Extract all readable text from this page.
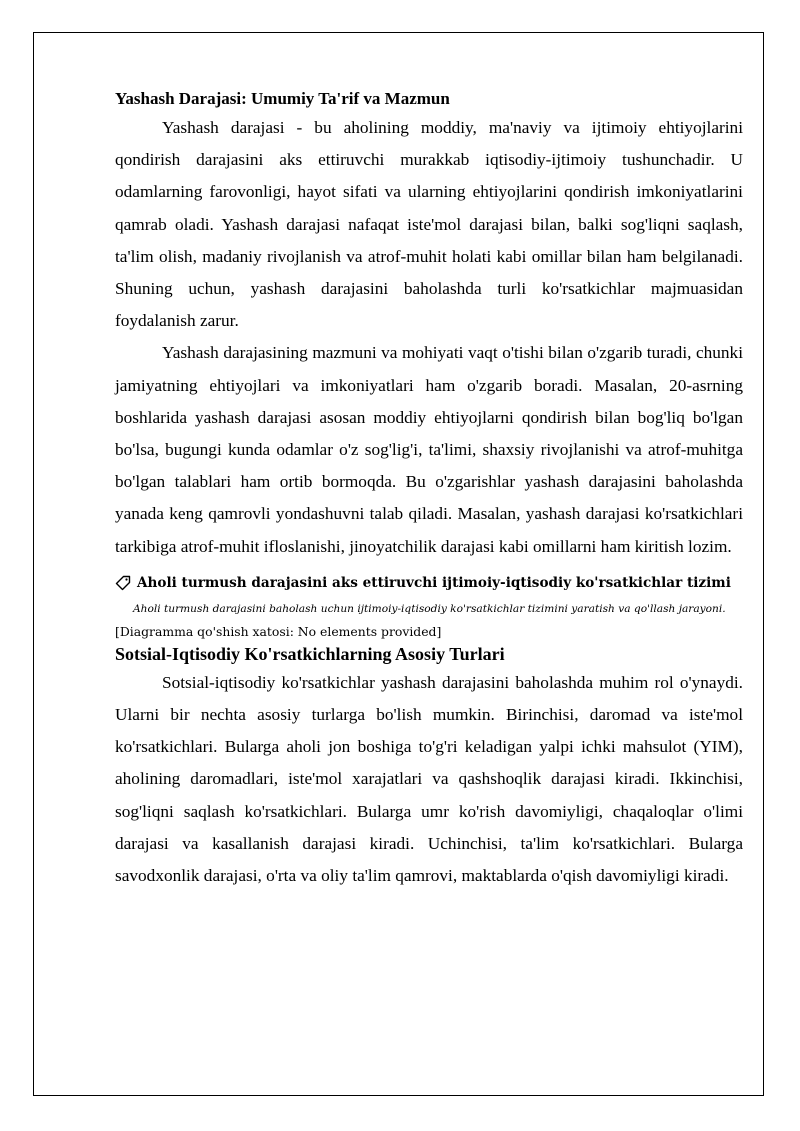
Yashash Darajasi: Umumiy Ta'rif va Mazmun

Yashash darajasi - bu aholining moddiy, ma'naviy va ijtimoiy ehtiyojlarini qondirish darajasini aks ettiruvchi murakkab iqtisodiy-ijtimoiy tushunchadir. U odamlarning farovonligi, hayot sifati va ularning ehtiyojlarini qondirish imkoniyatlarini qamrab oladi. Yashash darajasi nafaqat iste'mol darajasi bilan, balki sog'liqni saqlash, ta'lim olish, madaniy rivojlanish va atrof-muhit holati kabi omillar bilan ham belgilanadi. Shuning uchun, yashash darajasini baholashda turli ko'rsatkichlar majmuasidan foydalanish zarur.

Yashash darajasining mazmuni va mohiyati vaqt o'tishi bilan o'zgarib turadi, chunki jamiyatning ehtiyojlari va imkoniyatlari ham o'zgarib boradi. Masalan, 20-asrning boshlarida yashash darajasi asosan moddiy ehtiyojlarni qondirish bilan bog'liq bo'lgan bo'lsa, bugungi kunda odamlar o'z sog'lig'i, ta'limi, shaxsiy rivojlanishi va atrof-muhitga bo'lgan talablari ham ortib bormoqda. Bu o'zgarishlar yashash darajasini baholashda yanada keng qamrovli yondashuvni talab qiladi. Masalan, yashash darajasi ko'rsatkichlari tarkibiga atrof-muhit ifloslanishi, jinoyatchilik darajasi kabi omillarni ham kiritish lozim.

Aholi turmush darajasini aks ettiruvchi ijtimoiy-iqtisodiy ko'rsatkichlar tizimi
Aholi turmush darajasini baholash uchun ijtimoiy-iqtisodiy ko'rsatkichlar tizimini yaratish va qo'llash jarayoni.
[Diagramma qo'shish xatosi: No elements provided]
Sotsial-Iqtisodiy Ko'rsatkichlarning Asosiy Turlari

Sotsial-iqtisodiy ko'rsatkichlar yashash darajasini baholashda muhim rol o'ynaydi. Ularni bir nechta asosiy turlarga bo'lish mumkin. Birinchisi, daromad va iste'mol ko'rsatkichlari. Bularga aholi jon boshiga to'g'ri keladigan yalpi ichki mahsulot (YIM), aholining daromadlari, iste'mol xarajatlari va qashshoqlik darajasi kiradi. Ikkinchisi, sog'liqni saqlash ko'rsatkichlari. Bularga umr ko'rish davomiyligi, chaqaloqlar o'limi darajasi va kasallanish darajasi kiradi. Uchinchisi, ta'lim ko'rsatkichlari. Bularga savodxonlik darajasi, o'rta va oliy ta'lim qamrovi, maktablarda o'qish davomiyligi kiradi.
